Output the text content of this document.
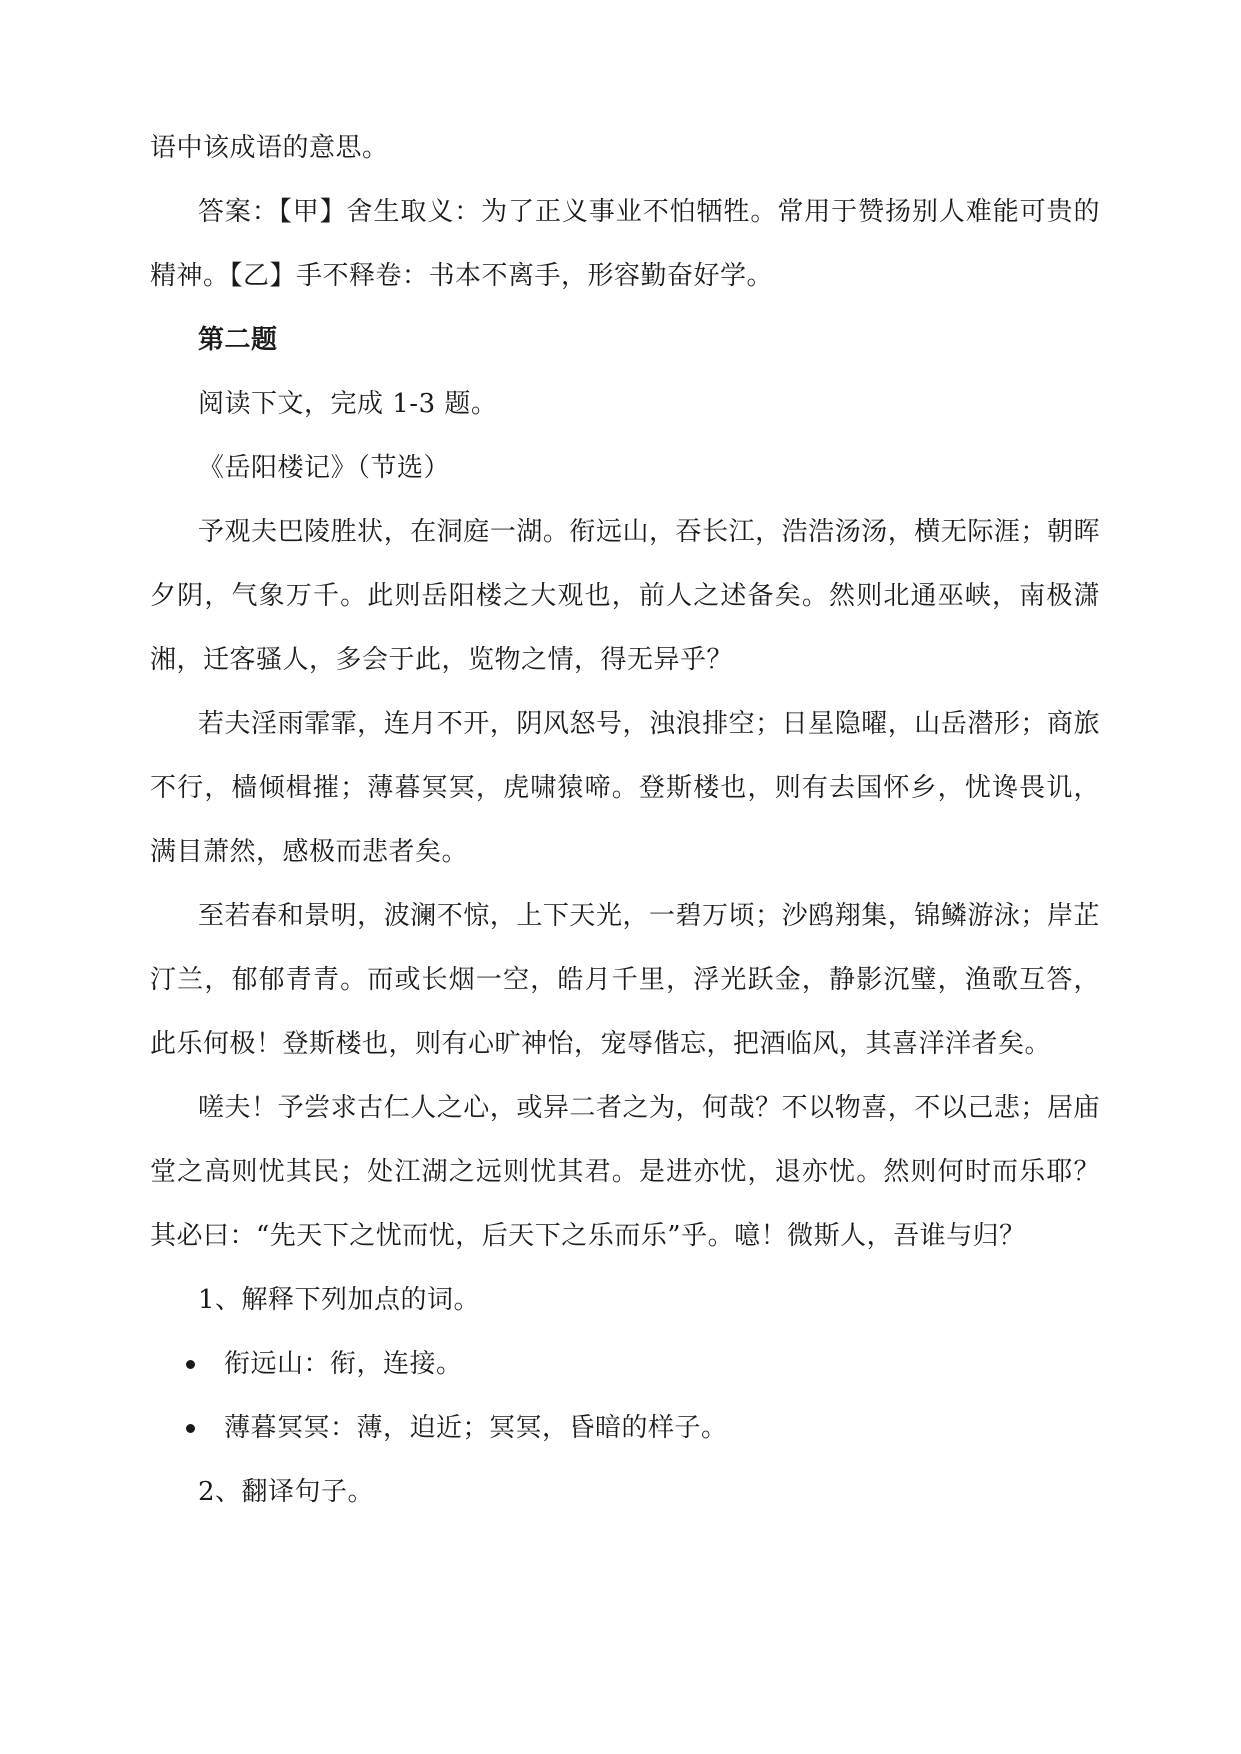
语中该成语的意思。

答案：【甲】舍生取义：为了正义事业不怕牺牲。常用于赞扬别人难能可贵的精神。【乙】手不释卷：书本不离手，形容勤奋好学。

第二题

阅读下文，完成 1-3 题。

《岳阳楼记》（节选）

予观夫巴陵胜状，在洞庭一湖。衔远山，吞长江，浩浩汤汤，横无际涯；朝晖夕阴，气象万千。此则岳阳楼之大观也，前人之述备矣。然则北通巫峡，南极潇湘，迁客骚人，多会于此，览物之情，得无异乎？

若夫淫雨霏霏，连月不开，阴风怒号，浊浪排空；日星隐曜，山岳潜形；商旅不行，樯倾楫摧；薄暮冥冥，虎啸猿啼。登斯楼也，则有去国怀乡，忧谗畏讥，满目萧然，感极而悲者矣。

至若春和景明，波澜不惊，上下天光，一碧万顷；沙鸥翔集，锦鳞游泳；岸芷汀兰，郁郁青青。而或长烟一空，皓月千里，浮光跃金，静影沉璧，渔歌互答，此乐何极！登斯楼也，则有心旷神怡，宠辱偕忘，把酒临风，其喜洋洋者矣。

嗟夫！予尝求古仁人之心，或异二者之为，何哉？不以物喜，不以己悲；居庙堂之高则忧其民；处江湖之远则忧其君。是进亦忧，退亦忧。然则何时而乐耶？其必曰：“先天下之忧而忧，后天下之乐而乐”乎。噫！微斯人，吾谁与归？

1、解释下列加点的词。

衔远山：衔，连接。
薄暮冥冥：薄，迫近；冥冥，昏暗的样子。

2、翻译句子。
